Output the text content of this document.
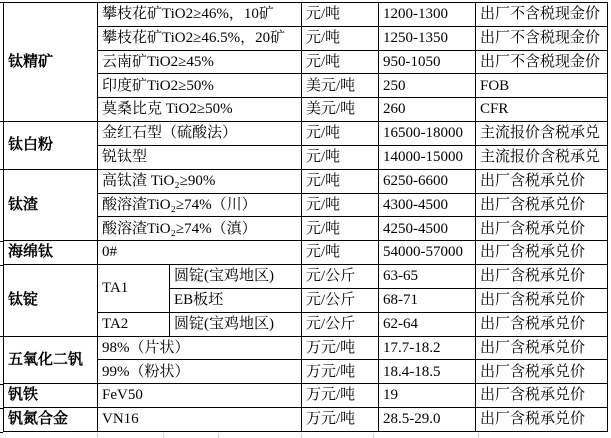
钛精矿	攀枝花矿TiO2≥46%，10矿		元/吨	1200-1300	出厂不含税现金价
	攀枝花矿TiO2≥46.5%，20矿		元/吨	1250-1350	出厂不含税现金价
	云南矿TiO2≥45%		元/吨	950-1050	出厂不含税现金价
	印度矿TiO2≥50%		美元/吨	250	FOB
	莫桑比克 TiO2≥50%		美元/吨	260	CFR
钛白粉	金红石型（硫酸法）		元/吨	16500-18000	主流报价含税承兑
	锐钛型		元/吨	14000-15000	主流报价含税承兑
钛渣	高钛渣 TiO₂≥90%		元/吨	6250-6600	出厂含税承兑价
	酸溶渣TiO₂≥74%（川）		元/吨	4300-4500	出厂含税承兑价
	酸溶渣TiO₂≥74%（滇）		元/吨	4250-4500	出厂含税承兑价
海绵钛	0#		元/吨	54000-57000	出厂含税承兑价
钛锭	TA1	圆锭(宝鸡地区)	元/公斤	63-65	出厂含税承兑价
		EB板坯	元/公斤	68-71	出厂含税承兑价
	TA2	圆锭(宝鸡地区)	元/公斤	62-64	出厂含税承兑价
五氧化二钒	98%（片状）		万元/吨	17.7-18.2	出厂含税承兑价
	99%（粉状）		万元/吨	18.4-18.5	出厂含税承兑价
钒铁	FeV50		万元/吨	19	出厂含税承兑价
钒氮合金	VN16		万元/吨	28.5-29.0	出厂含税承兑价
